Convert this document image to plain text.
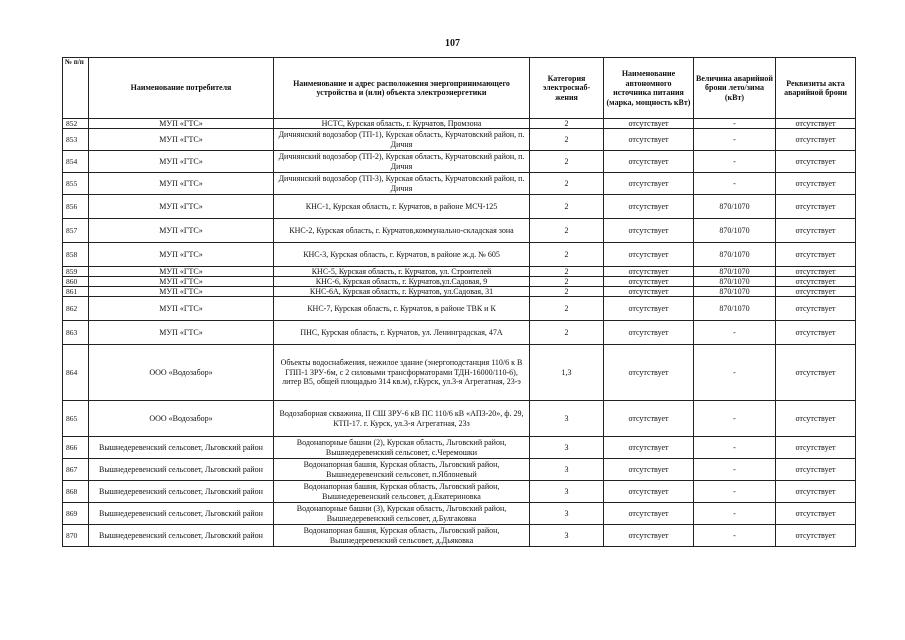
107
№ п/п	Наименование потребителя	Наименование и адрес расположения энергопринимающего устройства и (или) объекта электроэнергетики	Категория электроснаб-жения	Наименование автономного источника питания (марка, мощность кВт)	Величина аварийной брони лето/зима (кВт)	Реквизиты акта аварийной брони
852	МУП «ГТС»	НСТС, Курская область, г. Курчатов, Промзона	2	отсутствует	-	отсутствует
853	МУП «ГТС»	Дичнянский водозабор (ТП-1), Курская область, Курчатовский район, п. Дичня	2	отсутствует	-	отсутствует
854	МУП «ГТС»	Дичнянский водозабор (ТП-2), Курская область, Курчатовский район, п. Дичня	2	отсутствует	-	отсутствует
855	МУП «ГТС»	Дичнянский водозабор (ТП-3), Курская область, Курчатовский район, п. Дичня	2	отсутствует	-	отсутствует
856	МУП «ГТС»	КНС-1, Курская область, г. Курчатов, в районе МСЧ-125	2	отсутствует	870/1070	отсутствует
857	МУП «ГТС»	КНС-2, Курская область, г. Курчатов,коммунально-складская зона	2	отсутствует	870/1070	отсутствует
858	МУП «ГТС»	КНС-3, Курская область, г. Курчатов, в районе ж.д. № 605	2	отсутствует	870/1070	отсутствует
859	МУП «ГТС»	КНС-5, Курская область, г. Курчатов, ул. Строителей	2	отсутствует	870/1070	отсутствует
860	МУП «ГТС»	КНС-6, Курская область, г. Курчатов,ул.Садовая, 9	2	отсутствует	870/1070	отсутствует
861	МУП «ГТС»	КНС-6А, Курская область, г. Курчатов, ул.Садовая, 31	2	отсутствует	870/1070	отсутствует
862	МУП «ГТС»	КНС-7, Курская область, г. Курчатов, в районе ТВК и К	2	отсутствует	870/1070	отсутствует
863	МУП «ГТС»	ПНС, Курская область, г. Курчатов, ул. Ленинградская, 47А	2	отсутствует	-	отсутствует
864	ООО «Водозабор»	Объекты водоснабжения, нежилое здание (энергоподстанция 110/6 к В ГПП-1 ЗРУ-6м, с 2 силовыми трансформаторами ТДН-16000/110-6), литер В5, общей площадью 314 кв.м), г.Курск, ул.3-я Агрегатная, 23-э	1,3	отсутствует	-	отсутствует
865	ООО «Водозабор»	Водозаборная скважина, II СШ ЗРУ-6 кВ ПС 110/6 кВ «АПЗ-20», ф. 29, КТП-17. г. Курск, ул.3-я Агрегатная, 23з	3	отсутствует	-	отсутствует
866	Вышнедеревенский сельсовет, Льговский район	Водонапорные башни (2), Курская область, Льговский район, Вышнедеревенский сельсовет, с.Черемошки	3	отсутствует	-	отсутствует
867	Вышнедеревенский сельсовет, Льговский район	Водонапорная башня, Курская область, Льговский район, Вышнедеревенский сельсовет, п.Яблоневый	3	отсутствует	-	отсутствует
868	Вышнедеревенский сельсовет, Льговский район	Водонапорная башня, Курская область, Льговский район, Вышнедеревенский сельсовет, д.Екатериновка	3	отсутствует	-	отсутствует
869	Вышнедеревенский сельсовет, Льговский район	Водонапорные башни (3), Курская область, Льговский район, Вышнедеревенский сельсовет, д.Булгаковка	3	отсутствует	-	отсутствует
870	Вышнедеревенский сельсовет, Льговский район	Водонапорная башня, Курская область, Льговский район, Вышнедеревенский сельсовет, д.Дьяковка	3	отсутствует	-	отсутствует
